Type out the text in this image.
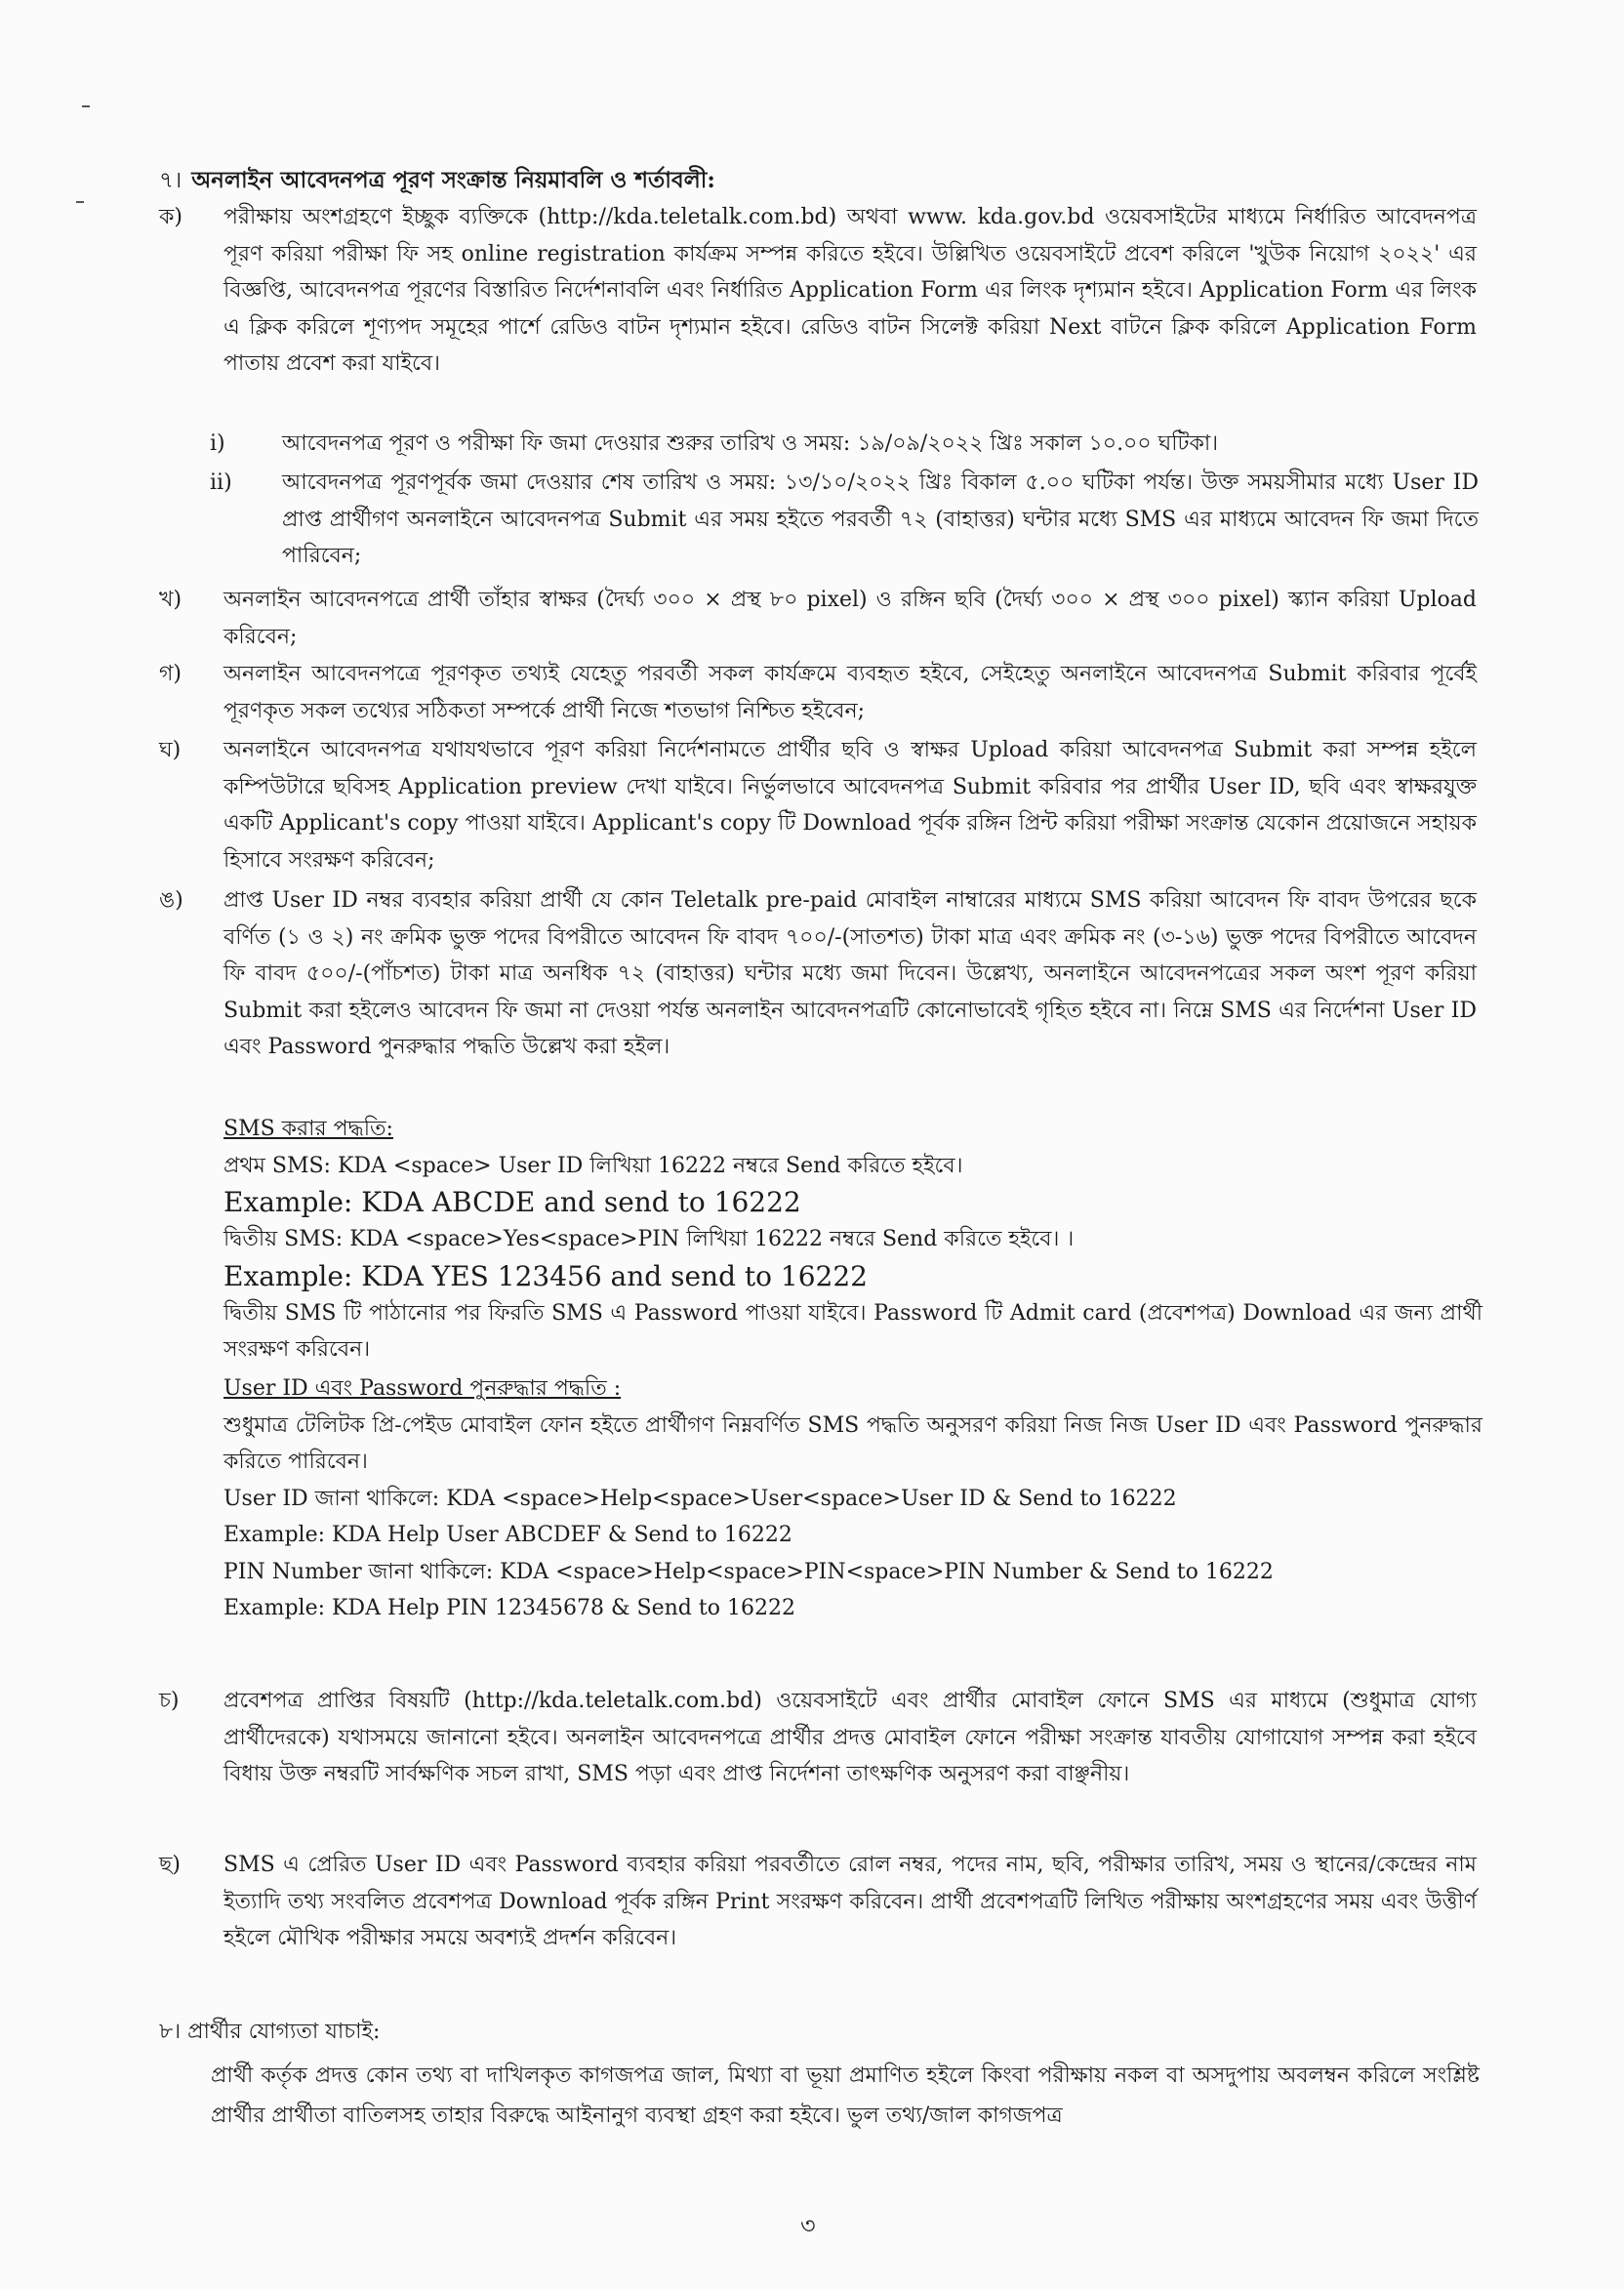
৭। অনলাইন আবেদনপত্র পূরণ সংক্রান্ত নিয়মাবলি ও শর্তাবলী:
ক)	পরীক্ষায় অংশগ্রহণে ইচ্ছুক ব্যক্তিকে (http://kda.teletalk.com.bd) অথবা www. kda.gov.bd ওয়েবসাইটের মাধ্যমে নির্ধারিত আবেদনপত্র পূরণ করিয়া পরীক্ষা ফি সহ online registration কার্যক্রম সম্পন্ন করিতে হইবে। উল্লিখিত ওয়েবসাইটে প্রবেশ করিলে 'খুউক নিয়োগ ২০২২' এর বিজ্ঞপ্তি, আবেদনপত্র পূরণের বিস্তারিত নির্দেশনাবলি এবং নির্ধারিত Application Form এর লিংক দৃশ্যমান হইবে। Application Form এর লিংক এ ক্লিক করিলে শূণ্যপদ সমূহের পার্শে রেডিও বাটন দৃশ্যমান হইবে। রেডিও বাটন সিলেক্ট করিয়া Next বাটনে ক্লিক করিলে Application Form পাতায় প্রবেশ করা যাইবে।
i)	আবেদনপত্র পূরণ ও পরীক্ষা ফি জমা দেওয়ার শুরুর তারিখ ও সময়: ১৯/০৯/২০২২ খ্রিঃ সকাল ১০.০০ ঘটিকা।
ii)	আবেদনপত্র পূরণপূর্বক জমা দেওয়ার শেষ তারিখ ও সময়: ১৩/১০/২০২২ খ্রিঃ বিকাল ৫.০০ ঘটিকা পর্যন্ত। উক্ত সময়সীমার মধ্যে User ID প্রাপ্ত প্রার্থীগণ অনলাইনে আবেদনপত্র Submit এর সময় হইতে পরবর্তী ৭২ (বাহাত্তর) ঘন্টার মধ্যে SMS এর মাধ্যমে আবেদন ফি জমা দিতে পারিবেন;
খ)	অনলাইন আবেদনপত্রে প্রার্থী তাঁহার স্বাক্ষর (দৈর্ঘ্য ৩০০ × প্রস্থ ৮০ pixel) ও রঙ্গিন ছবি (দৈর্ঘ্য ৩০০ × প্রস্থ ৩০০ pixel) স্ক্যান করিয়া Upload করিবেন;
গ)	অনলাইন আবেদনপত্রে পূরণকৃত তথ্যই যেহেতু পরবর্তী সকল কার্যক্রমে ব্যবহৃত হইবে, সেইহেতু অনলাইনে আবেদনপত্র Submit করিবার পূর্বেই পূরণকৃত সকল তথ্যের সঠিকতা সম্পর্কে প্রার্থী নিজে শতভাগ নিশ্চিত হইবেন;
ঘ)	অনলাইনে আবেদনপত্র যথাযথভাবে পূরণ করিয়া নির্দেশনামতে প্রার্থীর ছবি ও স্বাক্ষর Upload করিয়া আবেদনপত্র Submit করা সম্পন্ন হইলে কম্পিউটারে ছবিসহ Application preview দেখা যাইবে। নির্ভুলভাবে আবেদনপত্র Submit করিবার পর প্রার্থীর User ID, ছবি এবং স্বাক্ষরযুক্ত একটি Applicant's copy পাওয়া যাইবে। Applicant's copy টি Download পূর্বক রঙ্গিন প্রিন্ট করিয়া পরীক্ষা সংক্রান্ত যেকোন প্রয়োজনে সহায়ক হিসাবে সংরক্ষণ করিবেন;
ঙ)	প্রাপ্ত User ID নম্বর ব্যবহার করিয়া প্রার্থী যে কোন Teletalk pre-paid মোবাইল নাম্বারের মাধ্যমে SMS করিয়া আবেদন ফি বাবদ উপরের ছকে বর্ণিত (১ ও ২) নং ক্রমিক ভুক্ত পদের বিপরীতে আবেদন ফি বাবদ ৭০০/-(সাতশত) টাকা মাত্র এবং ক্রমিক নং (৩-১৬) ভুক্ত পদের বিপরীতে আবেদন ফি বাবদ ৫০০/-(পাঁচশত) টাকা মাত্র অনধিক ৭২ (বাহাত্তর) ঘন্টার মধ্যে জমা দিবেন। উল্লেখ্য, অনলাইনে আবেদনপত্রের সকল অংশ পূরণ করিয়া Submit করা হইলেও আবেদন ফি জমা না দেওয়া পর্যন্ত অনলাইন আবেদনপত্রটি কোনোভাবেই গৃহিত হইবে না। নিম্নে SMS এর নির্দেশনা User ID এবং Password পুনরুদ্ধার পদ্ধতি উল্লেখ করা হইল।
SMS করার পদ্ধতি:
প্রথম SMS: KDA <space> User ID লিখিয়া 16222 নম্বরে Send করিতে হইবে।
Example: KDA ABCDE and send to 16222
দ্বিতীয় SMS: KDA <space>Yes<space>PIN লিখিয়া 16222 নম্বরে Send করিতে হইবে। ।
Example: KDA YES 123456 and send to 16222
দ্বিতীয় SMS টি পাঠানোর পর ফিরতি SMS এ Password পাওয়া যাইবে। Password টি Admit card (প্রবেশপত্র) Download এর জন্য প্রার্থী সংরক্ষণ করিবেন।
User ID এবং Password পুনরুদ্ধার পদ্ধতি :
শুধুমাত্র টেলিটক প্রি-পেইড মোবাইল ফোন হইতে প্রার্থীগণ নিম্নবর্ণিত SMS পদ্ধতি অনুসরণ করিয়া নিজ নিজ User ID এবং Password পুনরুদ্ধার করিতে পারিবেন।
User ID জানা থাকিলে: KDA <space>Help<space>User<space>User ID & Send to 16222
Example: KDA Help User ABCDEF & Send to 16222
PIN Number জানা থাকিলে: KDA <space>Help<space>PIN<space>PIN Number & Send to 16222
Example: KDA Help PIN 12345678 & Send to 16222
চ)	প্রবেশপত্র প্রাপ্তির বিষয়টি (http://kda.teletalk.com.bd) ওয়েবসাইটে এবং প্রার্থীর মোবাইল ফোনে SMS এর মাধ্যমে (শুধুমাত্র যোগ্য প্রার্থীদেরকে) যথাসময়ে জানানো হইবে। অনলাইন আবেদনপত্রে প্রার্থীর প্রদত্ত মোবাইল ফোনে পরীক্ষা সংক্রান্ত যাবতীয় যোগাযোগ সম্পন্ন করা হইবে বিধায় উক্ত নম্বরটি সার্বক্ষণিক সচল রাখা, SMS পড়া এবং প্রাপ্ত নির্দেশনা তাৎক্ষণিক অনুসরণ করা বাঞ্ছনীয়।
ছ)	SMS এ প্রেরিত User ID এবং Password ব্যবহার করিয়া পরবর্তীতে রোল নম্বর, পদের নাম, ছবি, পরীক্ষার তারিখ, সময় ও স্থানের/কেন্দ্রের নাম ইত্যাদি তথ্য সংবলিত প্রবেশপত্র Download পূর্বক রঙ্গিন Print সংরক্ষণ করিবেন। প্রার্থী প্রবেশপত্রটি লিখিত পরীক্ষায় অংশগ্রহণের সময় এবং উত্তীর্ণ হইলে মৌখিক পরীক্ষার সময়ে অবশ্যই প্রদর্শন করিবেন।
৮। প্রার্থীর যোগ্যতা যাচাই:
প্রার্থী কর্তৃক প্রদত্ত কোন তথ্য বা দাখিলকৃত কাগজপত্র জাল, মিথ্যা বা ভূয়া প্রমাণিত হইলে কিংবা পরীক্ষায় নকল বা অসদুপায় অবলম্বন করিলে সংশ্লিষ্ট প্রার্থীর প্রার্থীতা বাতিলসহ তাহার বিরুদ্ধে আইনানুগ ব্যবস্থা গ্রহণ করা হইবে। ভুল তথ্য/জাল কাগজপত্র
৩
